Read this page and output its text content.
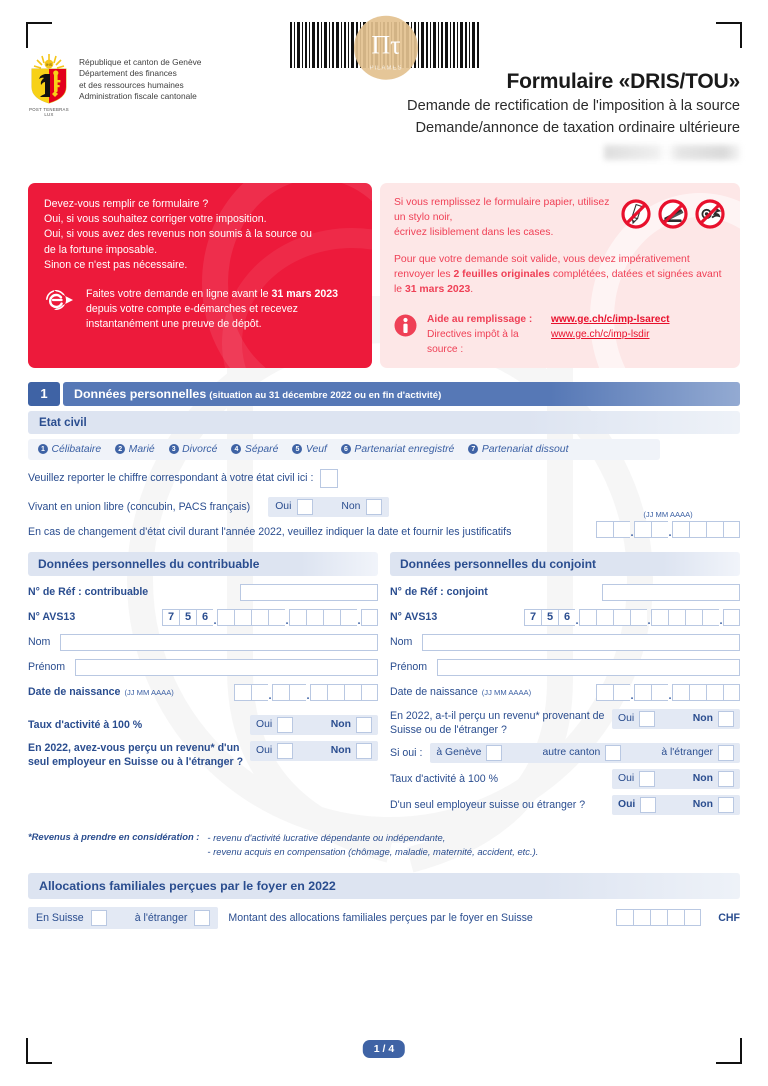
Πτ
PILAMES
IHS
POST TENEBRAS LUX
République et canton de Genève
Département des finances
et des ressources humaines
Administration fiscale cantonale
Formulaire «DRIS/TOU»
Demande de rectification de l'imposition à la source
Demande/annonce de taxation ordinaire ultérieure

Devez-vous remplir ce formulaire ?

Oui, si vous souhaitez corriger votre imposition.

Oui, si vous avez des revenus non soumis à la source ou

de la fortune imposable.

Sinon ce n'est pas nécessaire.

Faites votre demande en ligne avant le 31 mars 2023 depuis votre compte e-démarches et recevez instantanément une preuve de dépôt.
Si vous remplissez le formulaire papier, utilisez un stylo noir,
écrivez lisiblement dans les cases.
Pour que votre demande soit valide, vous devez impérativement renvoyer les 2 feuilles originales complétées, datées et signées avant le 31 mars 2023.
Aide au remplissage :	www.ge.ch/c/imp-lsarect
Directives impôt à la source :
www.ge.ch/c/imp-lsdir
1	Données personnelles (situation au 31 décembre 2022 ou en fin d'activité)
Etat civil
1 Célibataire	2 Marié	3 Divorcé	4 Séparé	5 Veuf	6 Partenariat enregistré	7 Partenariat dissout
Veuillez reporter le chiffre correspondant à votre état civil ici :
Vivant en union libre (concubin, PACS français) Oui	Non
En cas de changement d'état civil durant l'année 2022, veuillez indiquer la date et fournir les justificatifs
(JJ MM AAAA)
.	.
Données personnelles du contribuable
N° de Réf : contribuable
N° AVS13	7 5 6 .	.	.
Nom
Prénom
Date de naissance (JJ MM AAAA)	.	.
Taux d'activité à 100 %	Oui	Non
En 2022, avez-vous perçu un revenu* d'un seul employeur en Suisse ou à l'étranger ?
Oui	Non
Données personnelles du conjoint
N° de Réf : conjoint
N° AVS13	7 5 6 .	.	.
Nom
Prénom
Date de naissance (JJ MM AAAA)	.	.
En 2022, a-t-il perçu un revenu* provenant de Suisse ou de l'étranger ?
Oui	Non
Si oui : à Genève	autre canton	à l'étranger
Taux d'activité à 100 %	Oui	Non
D'un seul employeur suisse ou étranger ?	Oui	Non
*Revenus à prendre en considération : - revenu d'activité lucrative dépendante ou indépendante,
- revenu acquis en compensation (chômage, maladie, maternité, accident, etc.).
Allocations familiales perçues par le foyer en 2022
En Suisse	à l'étranger	Montant des allocations familiales perçues par le foyer en Suisse	CHF
1 / 4
